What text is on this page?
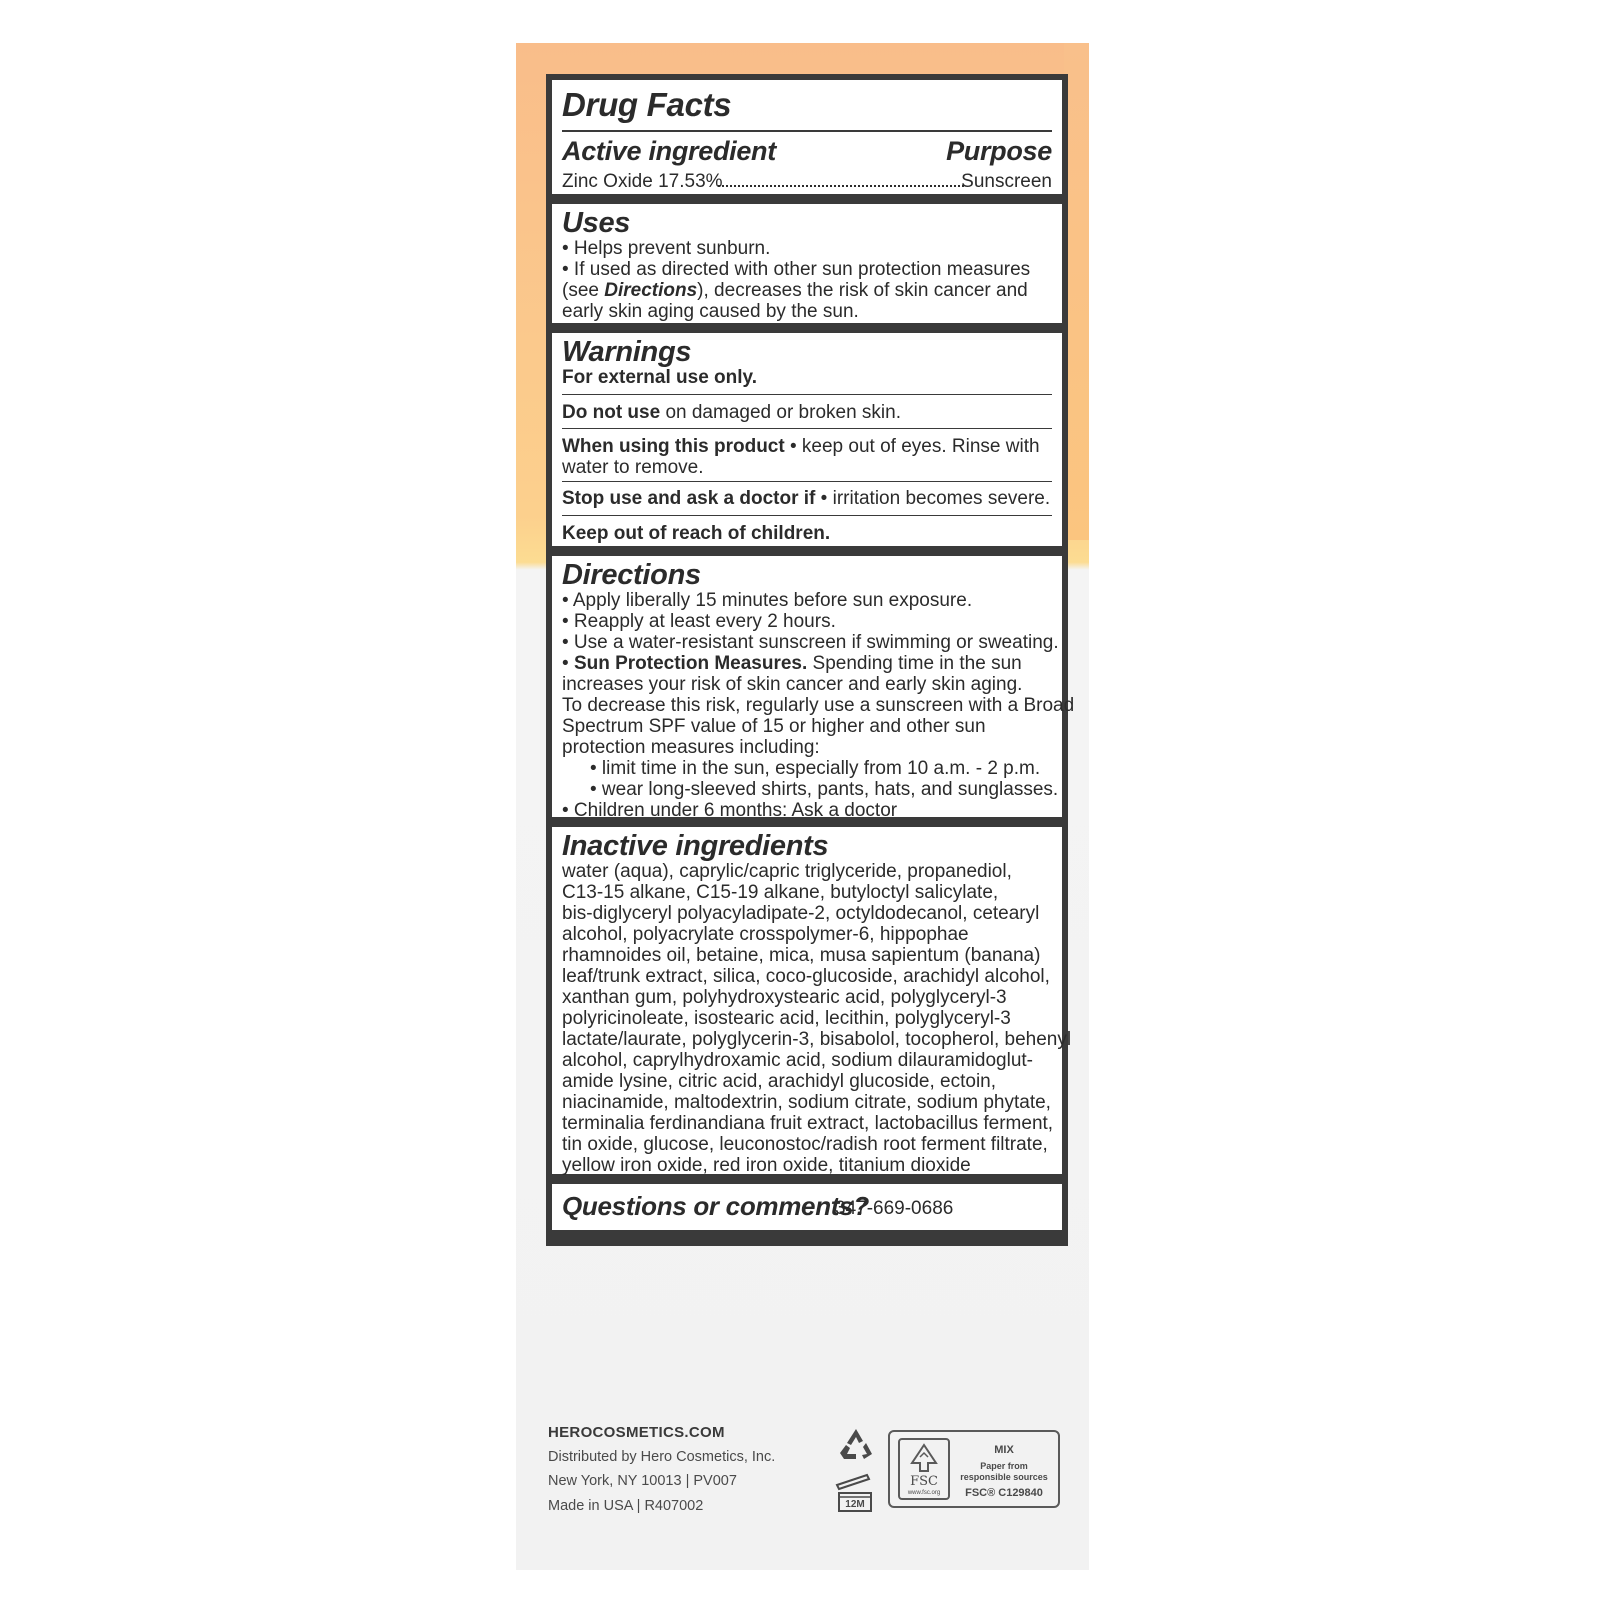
Drug Facts
Active ingredient	Purpose
Zinc Oxide 17.53%	Sunscreen
Uses
• Helps prevent sunburn.
• If used as directed with other sun protection measures
(see Directions), decreases the risk of skin cancer and
early skin aging caused by the sun.
Warnings
For external use only.
Do not use on damaged or broken skin.
When using this product • keep out of eyes. Rinse with
water to remove.
Stop use and ask a doctor if • irritation becomes severe.
Keep out of reach of children.
Directions
• Apply liberally 15 minutes before sun exposure.
• Reapply at least every 2 hours.
• Use a water-resistant sunscreen if swimming or sweating.
• Sun Protection Measures. Spending time in the sun
increases your risk of skin cancer and early skin aging.
To decrease this risk, regularly use a sunscreen with a Broad
Spectrum SPF value of 15 or higher and other sun
protection measures including:
• limit time in the sun, especially from 10 a.m. - 2 p.m.
• wear long-sleeved shirts, pants, hats, and sunglasses.
• Children under 6 months: Ask a doctor
Inactive ingredients
water (aqua), caprylic/capric triglyceride, propanediol,
C13-15 alkane, C15-19 alkane, butyloctyl salicylate,
bis-diglyceryl polyacyladipate-2, octyldodecanol, cetearyl
alcohol, polyacrylate crosspolymer-6, hippophae
rhamnoides oil, betaine, mica, musa sapientum (banana)
leaf/trunk extract, silica, coco-glucoside, arachidyl alcohol,
xanthan gum, polyhydroxystearic acid, polyglyceryl-3
polyricinoleate, isostearic acid, lecithin, polyglyceryl-3
lactate/laurate, polyglycerin-3, bisabolol, tocopherol, behenyl
alcohol, caprylhydroxamic acid, sodium dilauramidoglut-
amide lysine, citric acid, arachidyl glucoside, ectoin,
niacinamide, maltodextrin, sodium citrate, sodium phytate,
terminalia ferdinandiana fruit extract, lactobacillus ferment,
tin oxide, glucose, leuconostoc/radish root ferment filtrate,
yellow iron oxide, red iron oxide, titanium dioxide
Questions or comments?
347-669-0686
HEROCOSMETICS.COM
Distributed by Hero Cosmetics, Inc.
New York, NY 10013 | PV007
Made in USA | R407002	12M
FSC
www.fsc.org
MIX
Paper from
responsible sources
FSC® C129840
